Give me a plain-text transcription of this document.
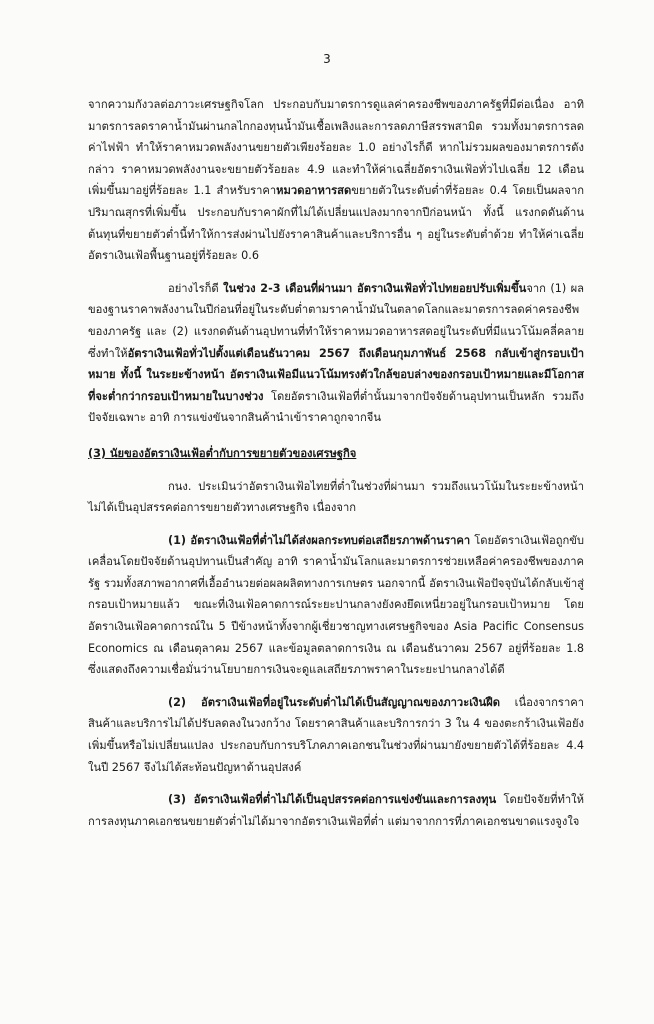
3

จากความกังวลต่อภาวะเศรษฐกิจโลก ประกอบกับมาตรการดูแลค่าครองชีพของภาครัฐที่มีต่อเนื่อง อาทิ มาตรการลดราคาน้ำมันผ่านกลไกกองทุนน้ำมันเชื้อเพลิงและการลดภาษีสรรพสามิต รวมทั้งมาตรการลดค่าไฟฟ้า ทำให้ราคาหมวดพลังงานขยายตัวเพียงร้อยละ 1.0 อย่างไรก็ดี หากไม่รวมผลของมาตรการดังกล่าว ราคาหมวดพลังงานจะขยายตัวร้อยละ 4.9 และทำให้ค่าเฉลี่ยอัตราเงินเฟ้อทั่วไปเฉลี่ย 12 เดือนเพิ่มขึ้นมาอยู่ที่ร้อยละ 1.1 สำหรับราคาหมวดอาหารสดขยายตัวในระดับต่ำที่ร้อยละ 0.4 โดยเป็นผลจากปริมาณสุกรที่เพิ่มขึ้น ประกอบกับราคาผักที่ไม่ได้เปลี่ยนแปลงมากจากปีก่อนหน้า ทั้งนี้ แรงกดดันด้านต้นทุนที่ขยายตัวต่ำนี้ทำให้การส่งผ่านไปยังราคาสินค้าและบริการอื่น ๆ อยู่ในระดับต่ำด้วย ทำให้ค่าเฉลี่ยอัตราเงินเฟ้อพื้นฐานอยู่ที่ร้อยละ 0.6

อย่างไรก็ดี ในช่วง 2-3 เดือนที่ผ่านมา อัตราเงินเฟ้อทั่วไปทยอยปรับเพิ่มขึ้นจาก (1) ผลของฐานราคาพลังงานในปีก่อนที่อยู่ในระดับต่ำตามราคาน้ำมันในตลาดโลกและมาตรการลดค่าครองชีพของภาครัฐ และ (2) แรงกดดันด้านอุปทานที่ทำให้ราคาหมวดอาหารสดอยู่ในระดับที่มีแนวโน้มคลี่คลาย ซึ่งทำให้อัตราเงินเฟ้อทั่วไปตั้งแต่เดือนธันวาคม 2567 ถึงเดือนกุมภาพันธ์ 2568 กลับเข้าสู่กรอบเป้าหมาย ทั้งนี้ ในระยะข้างหน้า อัตราเงินเฟ้อมีแนวโน้มทรงตัวใกล้ขอบล่างของกรอบเป้าหมายและมีโอกาสที่จะต่ำกว่ากรอบเป้าหมายในบางช่วง โดยอัตราเงินเฟ้อที่ต่ำนั้นมาจากปัจจัยด้านอุปทานเป็นหลัก รวมถึงปัจจัยเฉพาะ อาทิ การแข่งขันจากสินค้านำเข้าราคาถูกจากจีน

(3) นัยของอัตราเงินเฟ้อต่ำกับการขยายตัวของเศรษฐกิจ

กนง. ประเมินว่าอัตราเงินเฟ้อไทยที่ต่ำในช่วงที่ผ่านมา รวมถึงแนวโน้มในระยะข้างหน้าไม่ได้เป็นอุปสรรคต่อการขยายตัวทางเศรษฐกิจ เนื่องจาก

(1) อัตราเงินเฟ้อที่ต่ำไม่ได้ส่งผลกระทบต่อเสถียรภาพด้านราคา โดยอัตราเงินเฟ้อถูกขับเคลื่อนโดยปัจจัยด้านอุปทานเป็นสำคัญ อาทิ ราคาน้ำมันโลกและมาตรการช่วยเหลือค่าครองชีพของภาครัฐ รวมทั้งสภาพอากาศที่เอื้ออำนวยต่อผลผลิตทางการเกษตร นอกจากนี้ อัตราเงินเฟ้อปัจจุบันได้กลับเข้าสู่กรอบเป้าหมายแล้ว ขณะที่เงินเฟ้อคาดการณ์ระยะปานกลางยังคงยึดเหนี่ยวอยู่ในกรอบเป้าหมาย โดยอัตราเงินเฟ้อคาดการณ์ใน 5 ปีข้างหน้าทั้งจากผู้เชี่ยวชาญทางเศรษฐกิจของ Asia Pacific Consensus Economics ณ เดือนตุลาคม 2567 และข้อมูลตลาดการเงิน ณ เดือนธันวาคม 2567 อยู่ที่ร้อยละ 1.8 ซึ่งแสดงถึงความเชื่อมั่นว่านโยบายการเงินจะดูแลเสถียรภาพราคาในระยะปานกลางได้ดี

(2) อัตราเงินเฟ้อที่อยู่ในระดับต่ำไม่ได้เป็นสัญญาณของภาวะเงินฝืด เนื่องจากราคาสินค้าและบริการไม่ได้ปรับลดลงในวงกว้าง โดยราคาสินค้าและบริการกว่า 3 ใน 4 ของตะกร้าเงินเฟ้อยังเพิ่มขึ้นหรือไม่เปลี่ยนแปลง ประกอบกับการบริโภคภาคเอกชนในช่วงที่ผ่านมายังขยายตัวได้ที่ร้อยละ 4.4 ในปี 2567 จึงไม่ได้สะท้อนปัญหาด้านอุปสงค์

(3) อัตราเงินเฟ้อที่ต่ำไม่ได้เป็นอุปสรรคต่อการแข่งขันและการลงทุน โดยปัจจัยที่ทำให้การลงทุนภาคเอกชนขยายตัวต่ำไม่ได้มาจากอัตราเงินเฟ้อที่ต่ำ แต่มาจากการที่ภาคเอกชนขาดแรงจูงใจ
